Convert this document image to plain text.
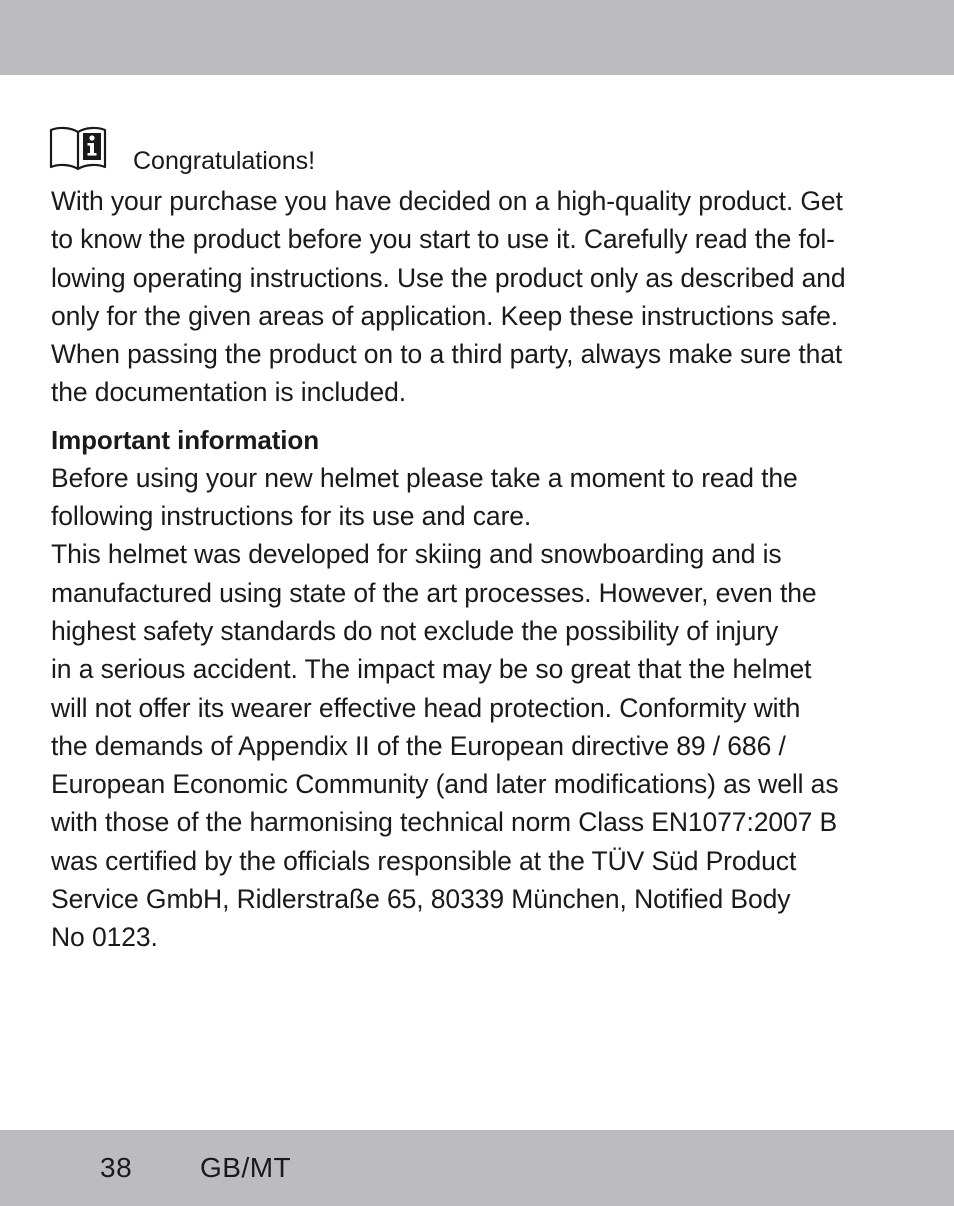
Congratulations!
With your purchase you have decided on a high-quality product. Get
to know the product before you start to use it. Carefully read the fol-
lowing operating instructions. Use the product only as described and
only for the given areas of application. Keep these instructions safe.
When passing the product on to a third party, always make sure that
the documentation is included.
Important information
Before using your new helmet please take a moment to read the
following instructions for its use and care.
This helmet was developed for skiing and snowboarding and is
manufactured using state of the art processes. However, even the
highest safety standards do not exclude the possibility of injury
in a serious accident. The impact may be so great that the helmet
will not offer its wearer effective head protection. Conformity with
the demands of Appendix II of the European directive 89 / 686 /
European Economic Community (and later modifications) as well as
with those of the harmonising technical norm Class EN1077:2007 B
was certified by the officials responsible at the TÜV Süd Product
Service GmbH, Ridlerstraße 65, 80339 München, Notified Body
No 0123.
38 GB/MT
